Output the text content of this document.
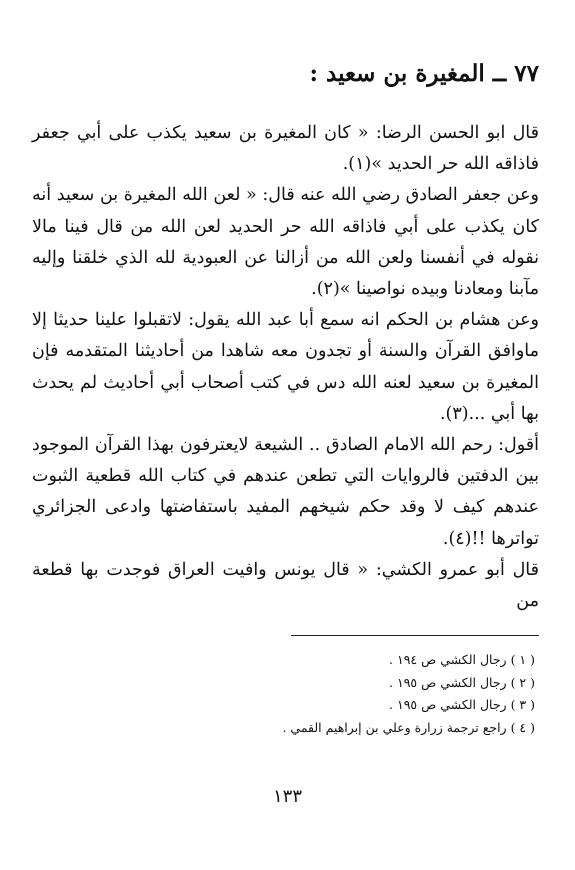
٧٧ ــ المغيرة بن سعيد :

قال ابو الحسن الرضا: « كان المغيرة بن سعيد يكذب على أبي جعفر فاذاقه الله حر الحديد »(١).

وعن جعفر الصادق رضي الله عنه قال: « لعن الله المغيرة بن سعيد أنه كان يكذب على أبي فاذاقه الله حر الحديد لعن الله من قال فينا مالا نقوله في أنفسنا ولعن الله من أزالنا عن العبودية لله الذي خلقنا وإليه مآبنا ومعادنا وبيده نواصينا »(٢).

وعن هشام بن الحكم انه سمع أبا عبد الله يقول: لاتقبلوا علينا حديثا إلا ماوافق القرآن والسنة أو تجدون معه شاهدا من أحاديثنا المتقدمه فإن المغيرة بن سعيد لعنه الله دس في كتب أصحاب أبي أحاديث لم يحدث بها أبي ...(٣).

أقول: رحم الله الامام الصادق .. الشيعة لايعترفون بهذا القرآن الموجود بين الدفتين فالروايات التي تطعن عندهم في كتاب الله قطعية الثبوت عندهم كيف لا وقد حكم شيخهم المفيد باستفاضتها وادعى الجزائري تواترها !!(٤).

قال أبو عمرو الكشي: « قال يونس وافيت العراق فوجدت بها قطعة من

( ١ ) رجال الكشي ص ١٩٤ .
( ٢ ) رجال الكشي ص ١٩٥ .
( ٣ ) رجال الكشي ص ١٩٥ .
( ٤ ) راجع ترجمة زرارة وعلي بن إبراهيم القمي .
١٣٣
